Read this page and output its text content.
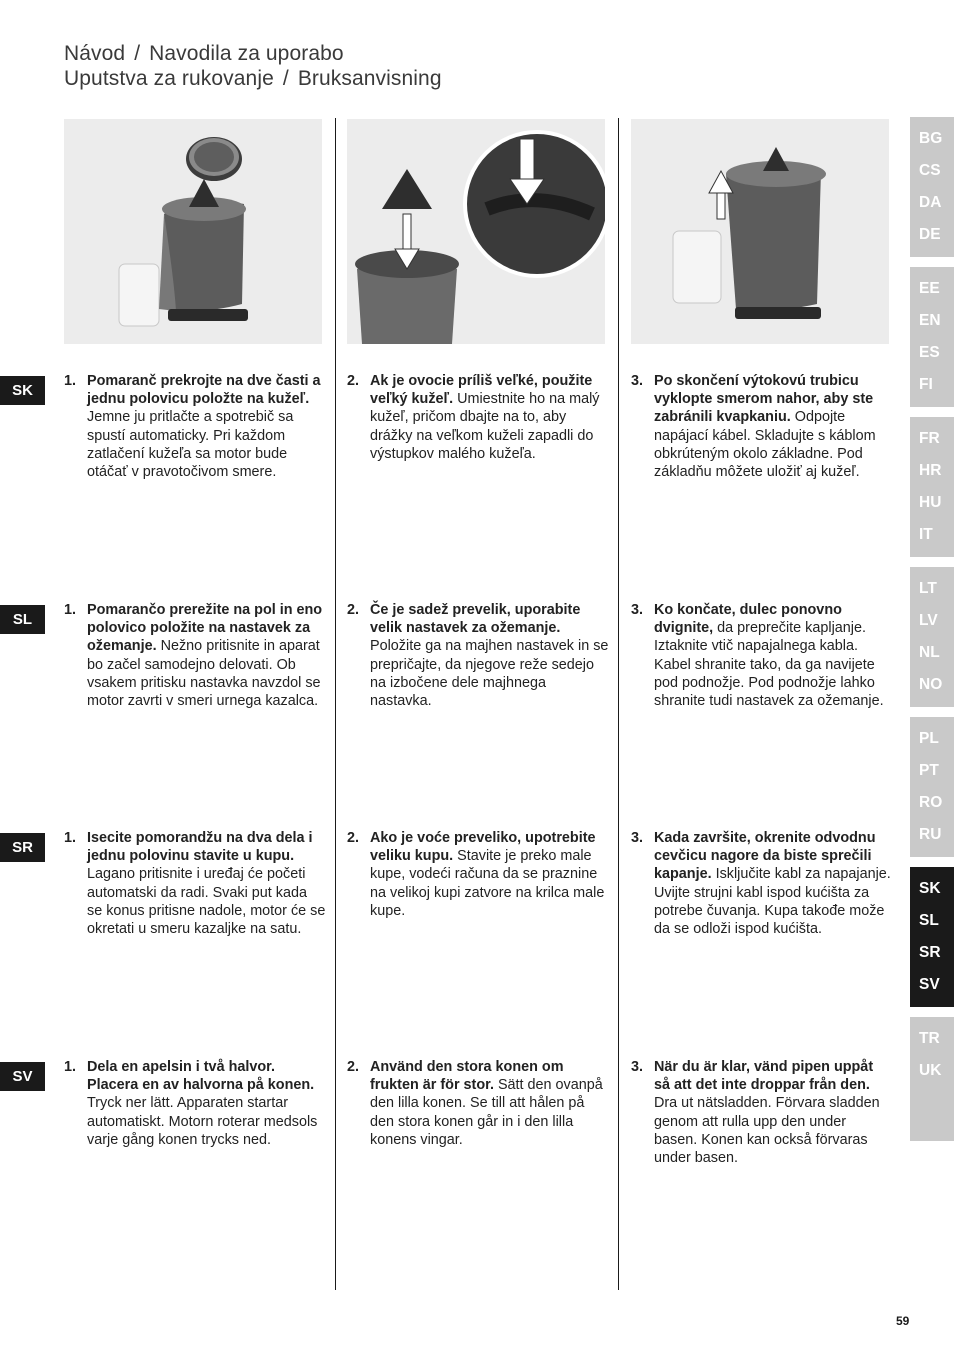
Návod / Navodila za uporabo
Uputstva za rukovanje / Bruksanvisning
SK
1. Pomaranč prekrojte na dve časti a jednu polovicu položte na kužeľ. Jemne ju pritlačte a spotrebič sa spustí automaticky. Pri každom zatlačení kužeľa sa motor bude otáčať v pravotočivom smere.
2. Ak je ovocie príliš veľké, použite veľký kužeľ. Umiestnite ho na malý kužeľ, pričom dbajte na to, aby drážky na veľkom kuželi zapadli do výstupkov malého kužeľa.
3. Po skončení výtokovú trubicu vyklopte smerom nahor, aby ste zabránili kvapkaniu. Odpojte napájací kábel. Skladujte s káblom obkrúteným okolo základne. Pod základňu môžete uložiť aj kužeľ.
SL
1. Pomarančo prerežite na pol in eno polovico položite na nastavek za ožemanje. Nežno pritisnite in aparat bo začel samodejno delovati. Ob vsakem pritisku nastavka navzdol se motor zavrti v smeri urnega kazalca.
2. Če je sadež prevelik, uporabite velik nastavek za ožemanje. Položite ga na majhen nastavek in se prepričajte, da njegove reže sedejo na izbočene dele majhnega nastavka.
3. Ko končate, dulec ponovno dvignite, da preprečite kapljanje. Iztaknite vtič napajalnega kabla. Kabel shranite tako, da ga navijete pod podnožje. Pod podnožje lahko shranite tudi nastavek za ožemanje.
SR
1. Isecite pomorandžu na dva dela i jednu polovinu stavite u kupu. Lagano pritisnite i uređaj će početi automatski da radi. Svaki put kada se konus pritisne nadole, motor će se okretati u smeru kazaljke na satu.
2. Ako je voće preveliko, upotrebite veliku kupu. Stavite je preko male kupe, vodeći računa da se praznine na velikoj kupi zatvore na krilca male kupe.
3. Kada završite, okrenite odvodnu cevčicu nagore da biste sprečili kapanje. Isključite kabl za napajanje. Uvijte strujni kabl ispod kućišta za potrebe čuvanja. Kupa takođe može da se odloži ispod kućišta.
SV
1. Dela en apelsin i två halvor. Placera en av halvorna på konen. Tryck ner lätt. Apparaten startar automatiskt. Motorn roterar medsols varje gång konen trycks ned.
2. Använd den stora konen om frukten är för stor. Sätt den ovanpå den lilla konen. Se till att hålen på den stora konen går in i den lilla konens vingar.
3. När du är klar, vänd pipen uppåt så att det inte droppar från den. Dra ut nätsladden. Förvara sladden genom att rulla upp den under basen. Konen kan också förvaras under basen.
BG
CS
DA
DE
EE
EN
ES
FI
FR
HR
HU
IT
LT
LV
NL
NO
PL
PT
RO
RU
SK
SL
SR
SV
TR
UK
59
